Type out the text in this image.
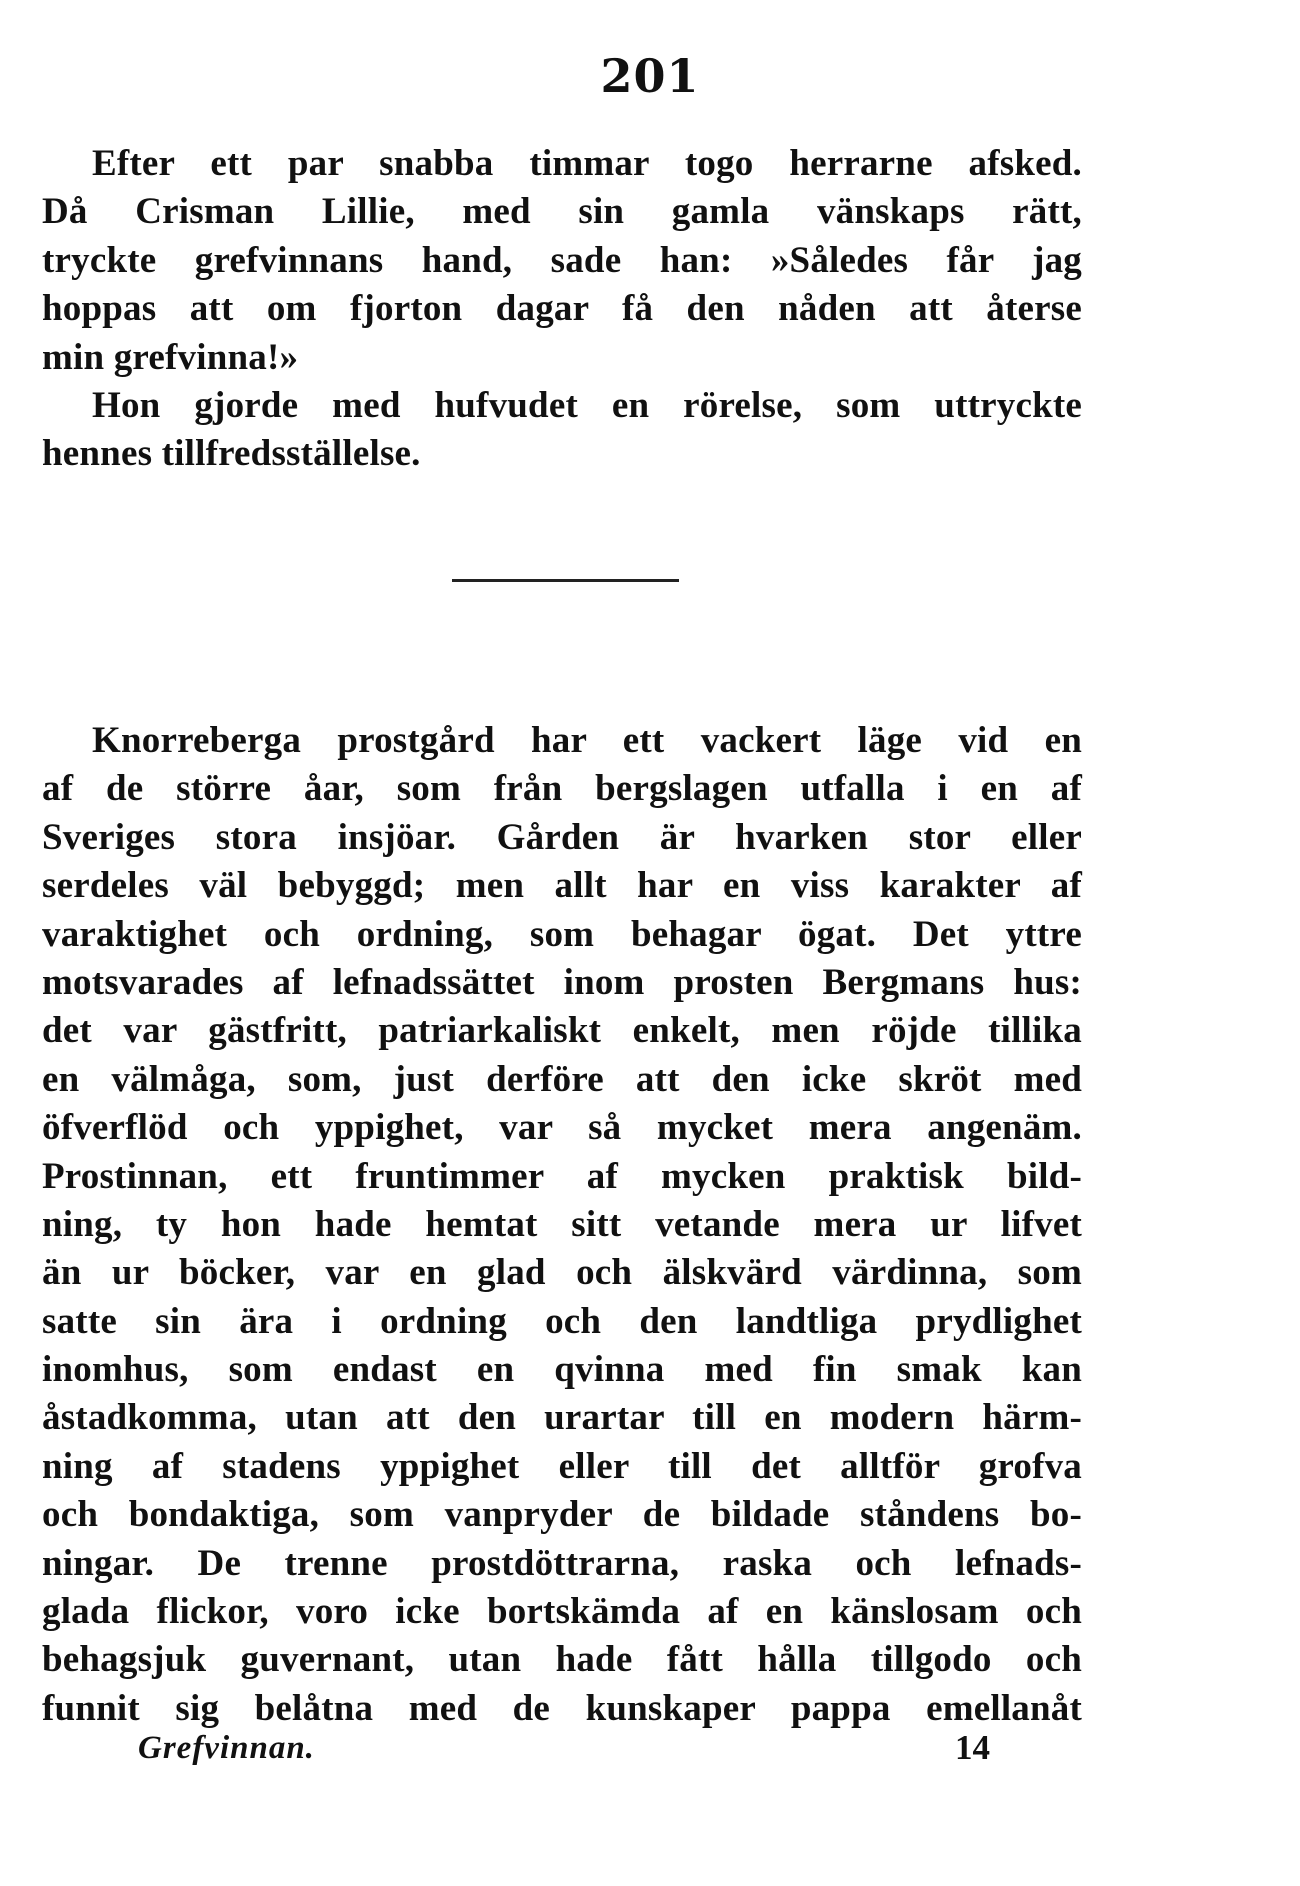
201
Efter ett par snabba timmar togo herrarne afsked.
Då Crisman Lillie, med sin gamla vänskaps rätt,
tryckte grefvinnans hand, sade han: »Således får jag
hoppas att om fjorton dagar få den nåden att återse
min grefvinna!»
Hon gjorde med hufvudet en rörelse, som uttryckte
hennes tillfredsställelse.
Knorreberga prostgård har ett vackert läge vid en
af de större åar, som från bergslagen utfalla i en af
Sveriges stora insjöar. Gården är hvarken stor eller
serdeles väl bebyggd; men allt har en viss karakter af
varaktighet och ordning, som behagar ögat. Det yttre
motsvarades af lefnadssättet inom prosten Bergmans hus:
det var gästfritt, patriarkaliskt enkelt, men röjde tillika
en välmåga, som, just derföre att den icke skröt med
öfverflöd och yppighet, var så mycket mera angenäm.
Prostinnan, ett fruntimmer af mycken praktisk bild-
ning, ty hon hade hemtat sitt vetande mera ur lifvet
än ur böcker, var en glad och älskvärd värdinna, som
satte sin ära i ordning och den landtliga prydlighet
inomhus, som endast en qvinna med fin smak kan
åstadkomma, utan att den urartar till en modern härm-
ning af stadens yppighet eller till det alltför grofva
och bondaktiga, som vanpryder de bildade ståndens bo-
ningar. De trenne prostdöttrarna, raska och lefnads-
glada flickor, voro icke bortskämda af en känslosam och
behagsjuk guvernant, utan hade fått hålla tillgodo och
funnit sig belåtna med de kunskaper pappa emellanåt
Grefvinnan.	14
